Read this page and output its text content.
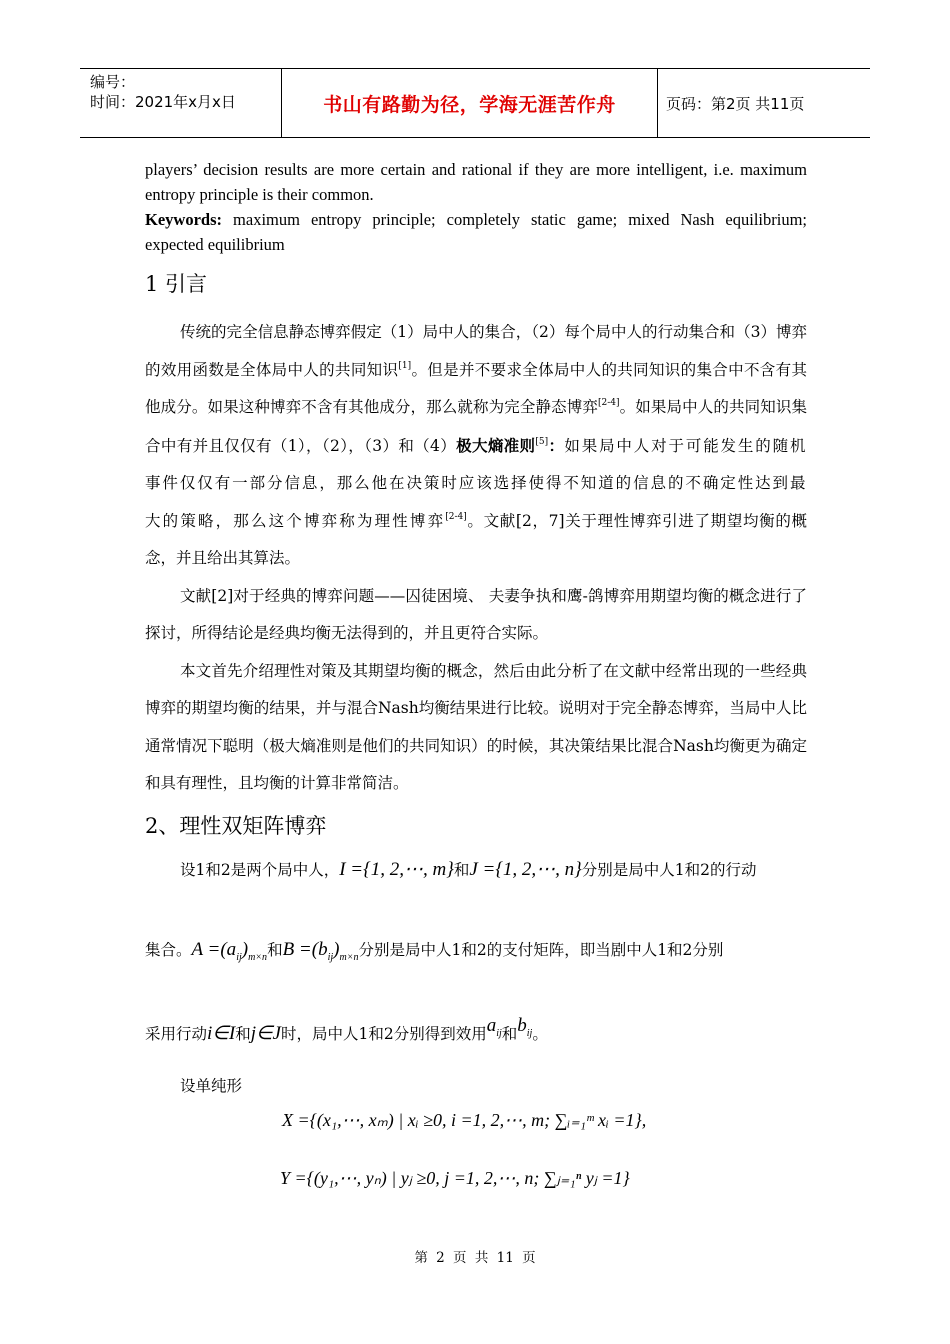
编号：
时间：2021年x月x日	书山有路勤为径，学海无涯苦作舟	页码：第2页 共11页
players’ decision results are more certain and rational if they are more intelligent, i.e. maximum entropy principle is their common.
Keywords: maximum entropy principle; completely static game; mixed Nash equilibrium; expected equilibrium
1 引言
传统的完全信息静态博弈假定（1）局中人的集合，（2）每个局中人的行动集合和（3）博弈的效用函数是全体局中人的共同知识[1]。但是并不要求全体局中人的共同知识的集合中不含有其他成分。如果这种博弈不含有其他成分，那么就称为完全静态博弈[2-4]。如果局中人的共同知识集合中有并且仅仅有（1），（2），（3）和（4）极大熵准则[5]：如果局中人对于可能发生的随机事件仅仅有一部分信息，那么他在决策时应该选择使得不知道的信息的不确定性达到最大的策略，那么这个博弈称为理性博弈[2-4]。文献[2，7]关于理性博弈引进了期望均衡的概念，并且给出其算法。
文献[2]对于经典的博弈问题——囚徒困境、 夫妻争执和鹰-鸽博弈用期望均衡的概念进行了探讨，所得结论是经典均衡无法得到的，并且更符合实际。
本文首先介绍理性对策及其期望均衡的概念，然后由此分析了在文献中经常出现的一些经典博弈的期望均衡的结果，并与混合Nash均衡结果进行比较。说明对于完全静态博弈，当局中人比通常情况下聪明（极大熵准则是他们的共同知识）的时候，其决策结果比混合Nash均衡更为确定和具有理性，且均衡的计算非常简洁。
2、理性双矩阵博弈
设1和2是两个局中人，I ={1, 2,⋯, m}和J ={1, 2,⋯, n}分别是局中人1和2的行动
集合。$A =(a_{ij})_{m\times n}$和$B =(b_{ij})_{m\times n}$分别是局中人1和2的支付矩阵，即当剧中人1和2分别
采用行动i∈I和j∈J时，局中人1和2分别得到效用$a_{ij}$和$b_{ij}$。
设单纯形
X ={(x₁,⋯, xₘ) | xᵢ ≥0, i =1, 2,⋯, m; ∑ᵢ₌₁ᵐ xᵢ =1},
Y ={(y₁,⋯, yₙ) | yⱼ ≥0, j =1, 2,⋯, n; ∑ⱼ₌₁ⁿ yⱼ =1}
第 2 页 共 11 页
